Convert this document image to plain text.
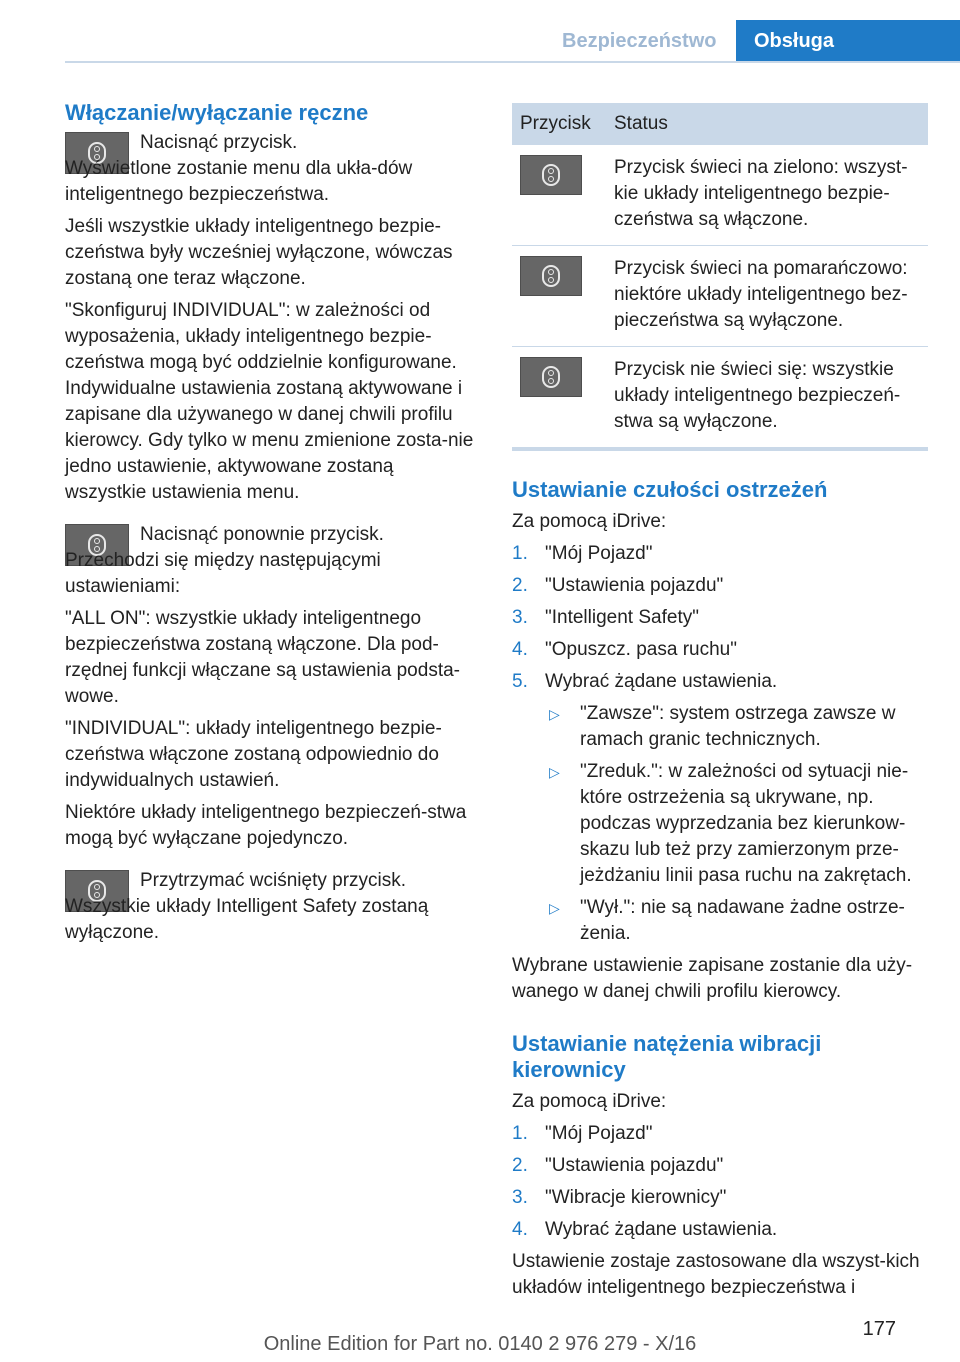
Bezpieczeństwo Obsługa
Włączanie/wyłączanie ręczne

Nacisnąć przycisk.

Wyświetlone zostanie menu dla ukła-dów inteligentnego bezpieczeństwa.

Jeśli wszystkie układy inteligentnego bezpie-czeństwa były wcześniej wyłączone, wówczas zostaną one teraz włączone.

"Skonfiguruj INDIVIDUAL": w zależności od wyposażenia, układy inteligentnego bezpie-czeństwa mogą być oddzielnie konfigurowane. Indywidualne ustawienia zostaną aktywowane i zapisane dla używanego w danej chwili profilu kierowcy. Gdy tylko w menu zmienione zosta-nie jedno ustawienie, aktywowane zostaną wszystkie ustawienia menu.

Nacisnąć ponownie przycisk.

Przechodzi się między następującymi ustawieniami:

"ALL ON": wszystkie układy inteligentnego bezpieczeństwa zostaną włączone. Dla pod-rzędnej funkcji włączane są ustawienia podsta-wowe.

"INDIVIDUAL": układy inteligentnego bezpie-czeństwa włączone zostaną odpowiednio do indywidualnych ustawień.

Niektóre układy inteligentnego bezpieczeń-stwa mogą być wyłączane pojedynczo.

Przytrzymać wciśnięty przycisk.

Wszystkie układy Intelligent Safety zostaną wyłączone.

Przycisk	Status

	Przycisk świeci na zielono: wszyst-kie układy inteligentnego bezpie-czeństwa są włączone.

	Przycisk świeci na pomarańczowo: niektóre układy inteligentnego bez-pieczeństwa są wyłączone.

	Przycisk nie świeci się: wszystkie układy inteligentnego bezpieczeń-stwa są wyłączone.
Ustawianie czułości ostrzeżeń

Za pomocą iDrive:

1. "Mój Pojazd"
2. "Ustawienia pojazdu"
3. "Intelligent Safety"
4. "Opuszcz. pasa ruchu"
5. Wybrać żądane ustawienia.
▷	"Zawsze": system ostrzega zawsze w ramach granic technicznych.
▷	"Zreduk.": w zależności od sytuacji nie-które ostrzeżenia są ukrywane, np. podczas wyprzedzania bez kierunkow-skazu lub też przy zamierzonym prze-jeżdżaniu linii pasa ruchu na zakrętach.
▷	"Wył.": nie są nadawane żadne ostrze-żenia.

Wybrane ustawienie zapisane zostanie dla uży-wanego w danej chwili profilu kierowcy.

Ustawianie natężenia wibracji kierownicy

Za pomocą iDrive:

1. "Mój Pojazd"
2. "Ustawienia pojazdu"
3. "Wibracje kierownicy"
4. Wybrać żądane ustawienia.

Ustawienie zostaje zastosowane dla wszyst-kich układów inteligentnego bezpieczeństwa i

177
Online Edition for Part no. 0140 2 976 279 - X/16
